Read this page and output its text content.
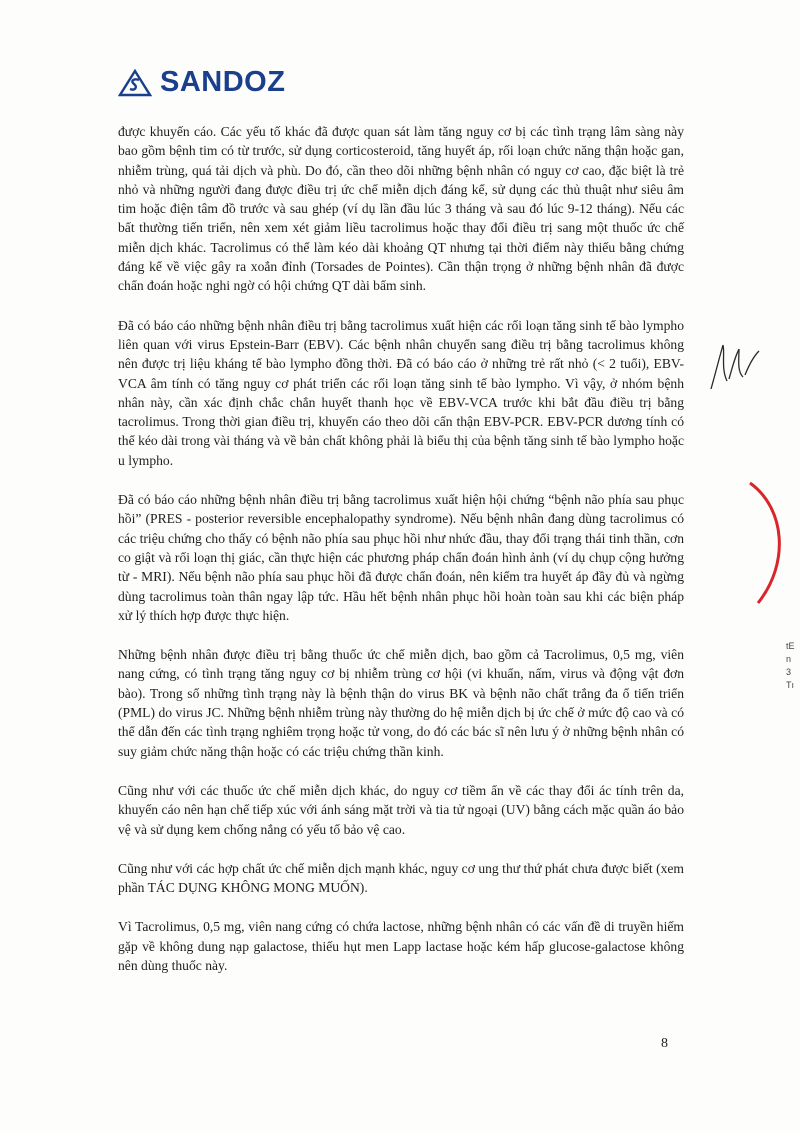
SANDOZ

được khuyến cáo. Các yếu tố khác đã được quan sát làm tăng nguy cơ bị các tình trạng lâm sàng này bao gồm bệnh tim có từ trước, sử dụng corticosteroid, tăng huyết áp, rối loạn chức năng thận hoặc gan, nhiễm trùng, quá tải dịch và phù. Do đó, cần theo dõi những bệnh nhân có nguy cơ cao, đặc biệt là trẻ nhỏ và những người đang được điều trị ức chế miễn dịch đáng kể, sử dụng các thủ thuật như siêu âm tim hoặc điện tâm đồ trước và sau ghép (ví dụ lần đầu lúc 3 tháng và sau đó lúc 9-12 tháng). Nếu các bất thường tiến triển, nên xem xét giảm liều tacrolimus hoặc thay đổi điều trị sang một thuốc ức chế miễn dịch khác. Tacrolimus có thể làm kéo dài khoảng QT nhưng tại thời điểm này thiếu bằng chứng đáng kể về việc gây ra xoắn đỉnh (Torsades de Pointes). Cần thận trọng ở những bệnh nhân đã được chẩn đoán hoặc nghi ngờ có hội chứng QT dài bẩm sinh.

Đã có báo cáo những bệnh nhân điều trị bằng tacrolimus xuất hiện các rối loạn tăng sinh tế bào lympho liên quan với virus Epstein-Barr (EBV). Các bệnh nhân chuyển sang điều trị bằng tacrolimus không nên được trị liệu kháng tế bào lympho đồng thời. Đã có báo cáo ở những trẻ rất nhỏ (< 2 tuổi), EBV-VCA âm tính có tăng nguy cơ phát triển các rối loạn tăng sinh tế bào lympho. Vì vậy, ở nhóm bệnh nhân này, cần xác định chắc chắn huyết thanh học về EBV-VCA trước khi bắt đầu điều trị bằng tacrolimus. Trong thời gian điều trị, khuyến cáo theo dõi cẩn thận EBV-PCR. EBV-PCR dương tính có thể kéo dài trong vài tháng và về bản chất không phải là biểu thị của bệnh tăng sinh tế bào lympho hoặc u lympho.

Đã có báo cáo những bệnh nhân điều trị bằng tacrolimus xuất hiện hội chứng “bệnh não phía sau phục hồi” (PRES - posterior reversible encephalopathy syndrome). Nếu bệnh nhân đang dùng tacrolimus có các triệu chứng cho thấy có bệnh não phía sau phục hồi như nhức đầu, thay đổi trạng thái tinh thần, cơn co giật và rối loạn thị giác, cần thực hiện các phương pháp chẩn đoán hình ảnh (ví dụ chụp cộng hưởng từ - MRI). Nếu bệnh não phía sau phục hồi đã được chẩn đoán, nên kiểm tra huyết áp đầy đủ và ngừng dùng tacrolimus toàn thân ngay lập tức. Hầu hết bệnh nhân phục hồi hoàn toàn sau khi các biện pháp xử lý thích hợp được thực hiện.

Những bệnh nhân được điều trị bằng thuốc ức chế miễn dịch, bao gồm cả Tacrolimus, 0,5 mg, viên nang cứng, có tình trạng tăng nguy cơ bị nhiễm trùng cơ hội (vi khuẩn, nấm, virus và động vật đơn bào). Trong số những tình trạng này là bệnh thận do virus BK và bệnh não chất trắng đa ổ tiến triển (PML) do virus JC. Những bệnh nhiễm trùng này thường do hệ miễn dịch bị ức chế ở mức độ cao và có thể dẫn đến các tình trạng nghiêm trọng hoặc tử vong, do đó các bác sĩ nên lưu ý ở những bệnh nhân có suy giảm chức năng thận hoặc có các triệu chứng thần kinh.

Cũng như với các thuốc ức chế miễn dịch khác, do nguy cơ tiềm ẩn về các thay đổi ác tính trên da, khuyến cáo nên hạn chế tiếp xúc với ánh sáng mặt trời và tia tử ngoại (UV) bằng cách mặc quần áo bảo vệ và sử dụng kem chống nắng có yếu tố bảo vệ cao.

Cũng như với các hợp chất ức chế miễn dịch mạnh khác, nguy cơ ung thư thứ phát chưa được biết (xem phần TÁC DỤNG KHÔNG MONG MUỐN).

Vì Tacrolimus, 0,5 mg, viên nang cứng có chứa lactose, những bệnh nhân có các vấn đề di truyền hiếm gặp về không dung nạp galactose, thiếu hụt men Lapp lactase hoặc kém hấp glucose-galactose không nên dùng thuốc này.

tE
n
3
Tı
8
